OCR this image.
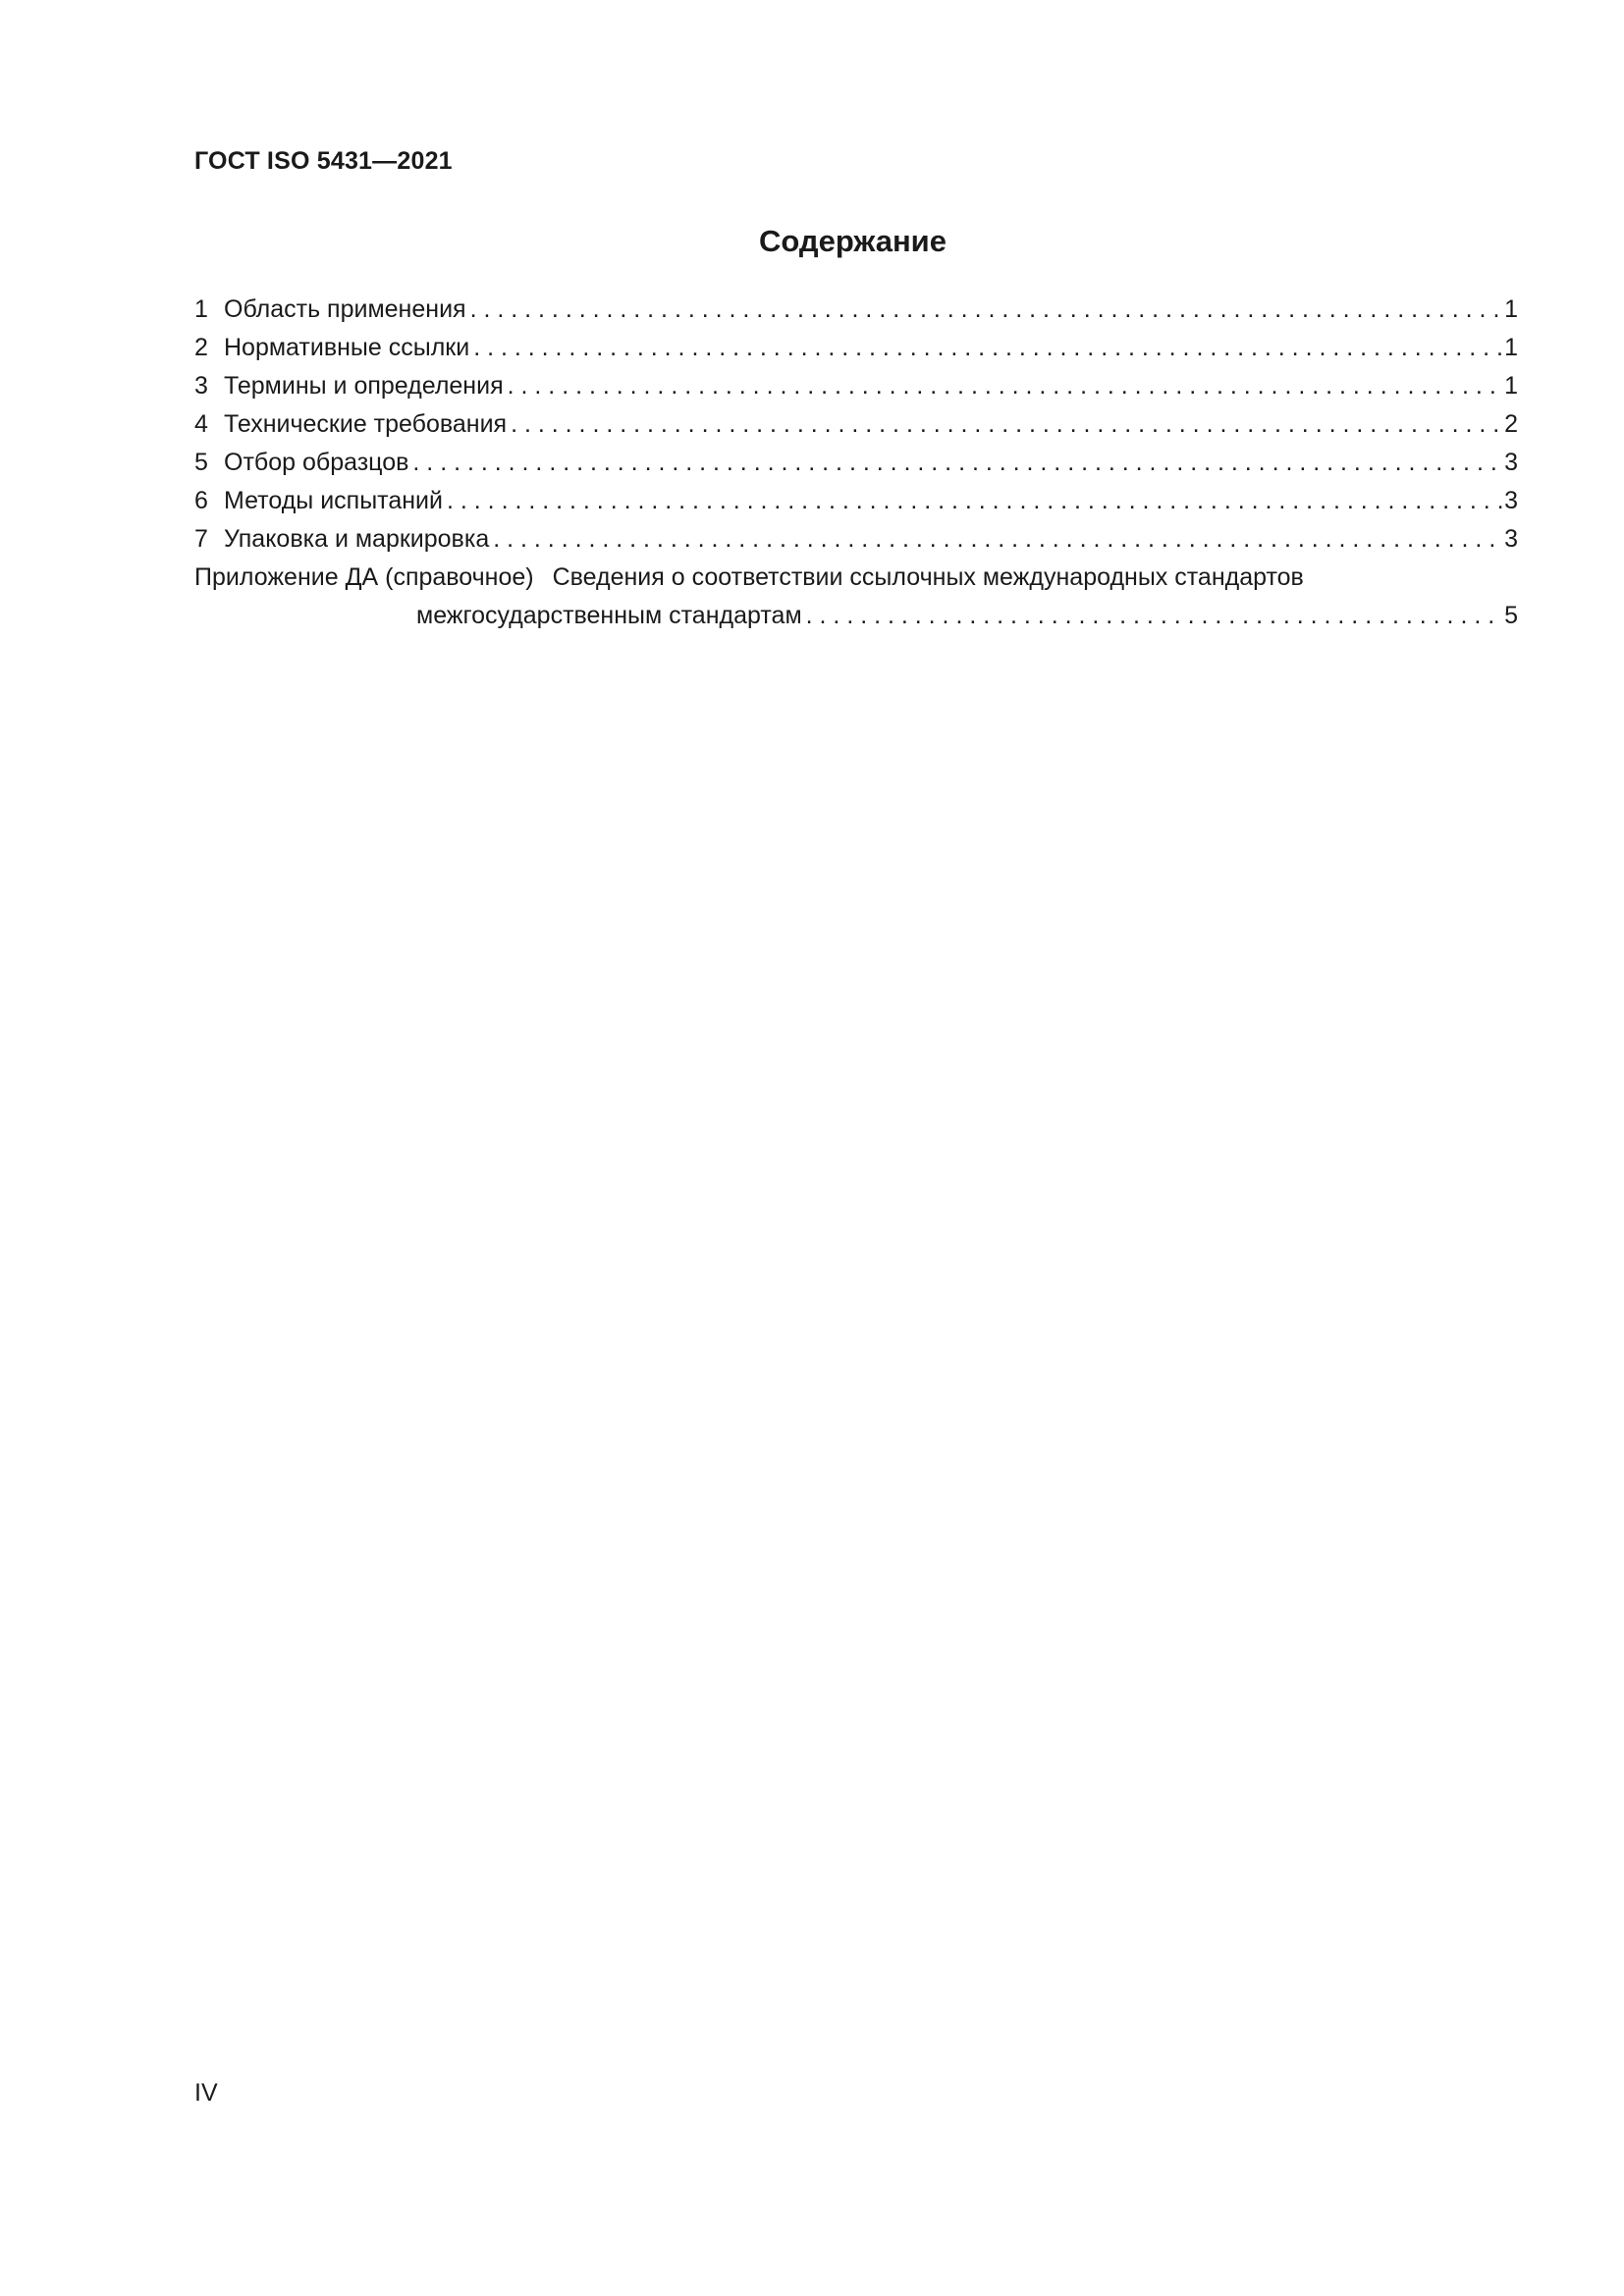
ГОСТ ISO 5431—2021
Содержание
1 Область применения . . .	1
2 Нормативные ссылки . . .	1
3 Термины и определения . . .	1
4 Технические требования . . .	2
5 Отбор образцов . . .	3
6 Методы испытаний . . .	3
7 Упаковка и маркировка . . .	3
Приложение ДА (справочное) Сведения о соответствии ссылочных международных стандартов
межгосударственным стандартам . . .	5
IV
